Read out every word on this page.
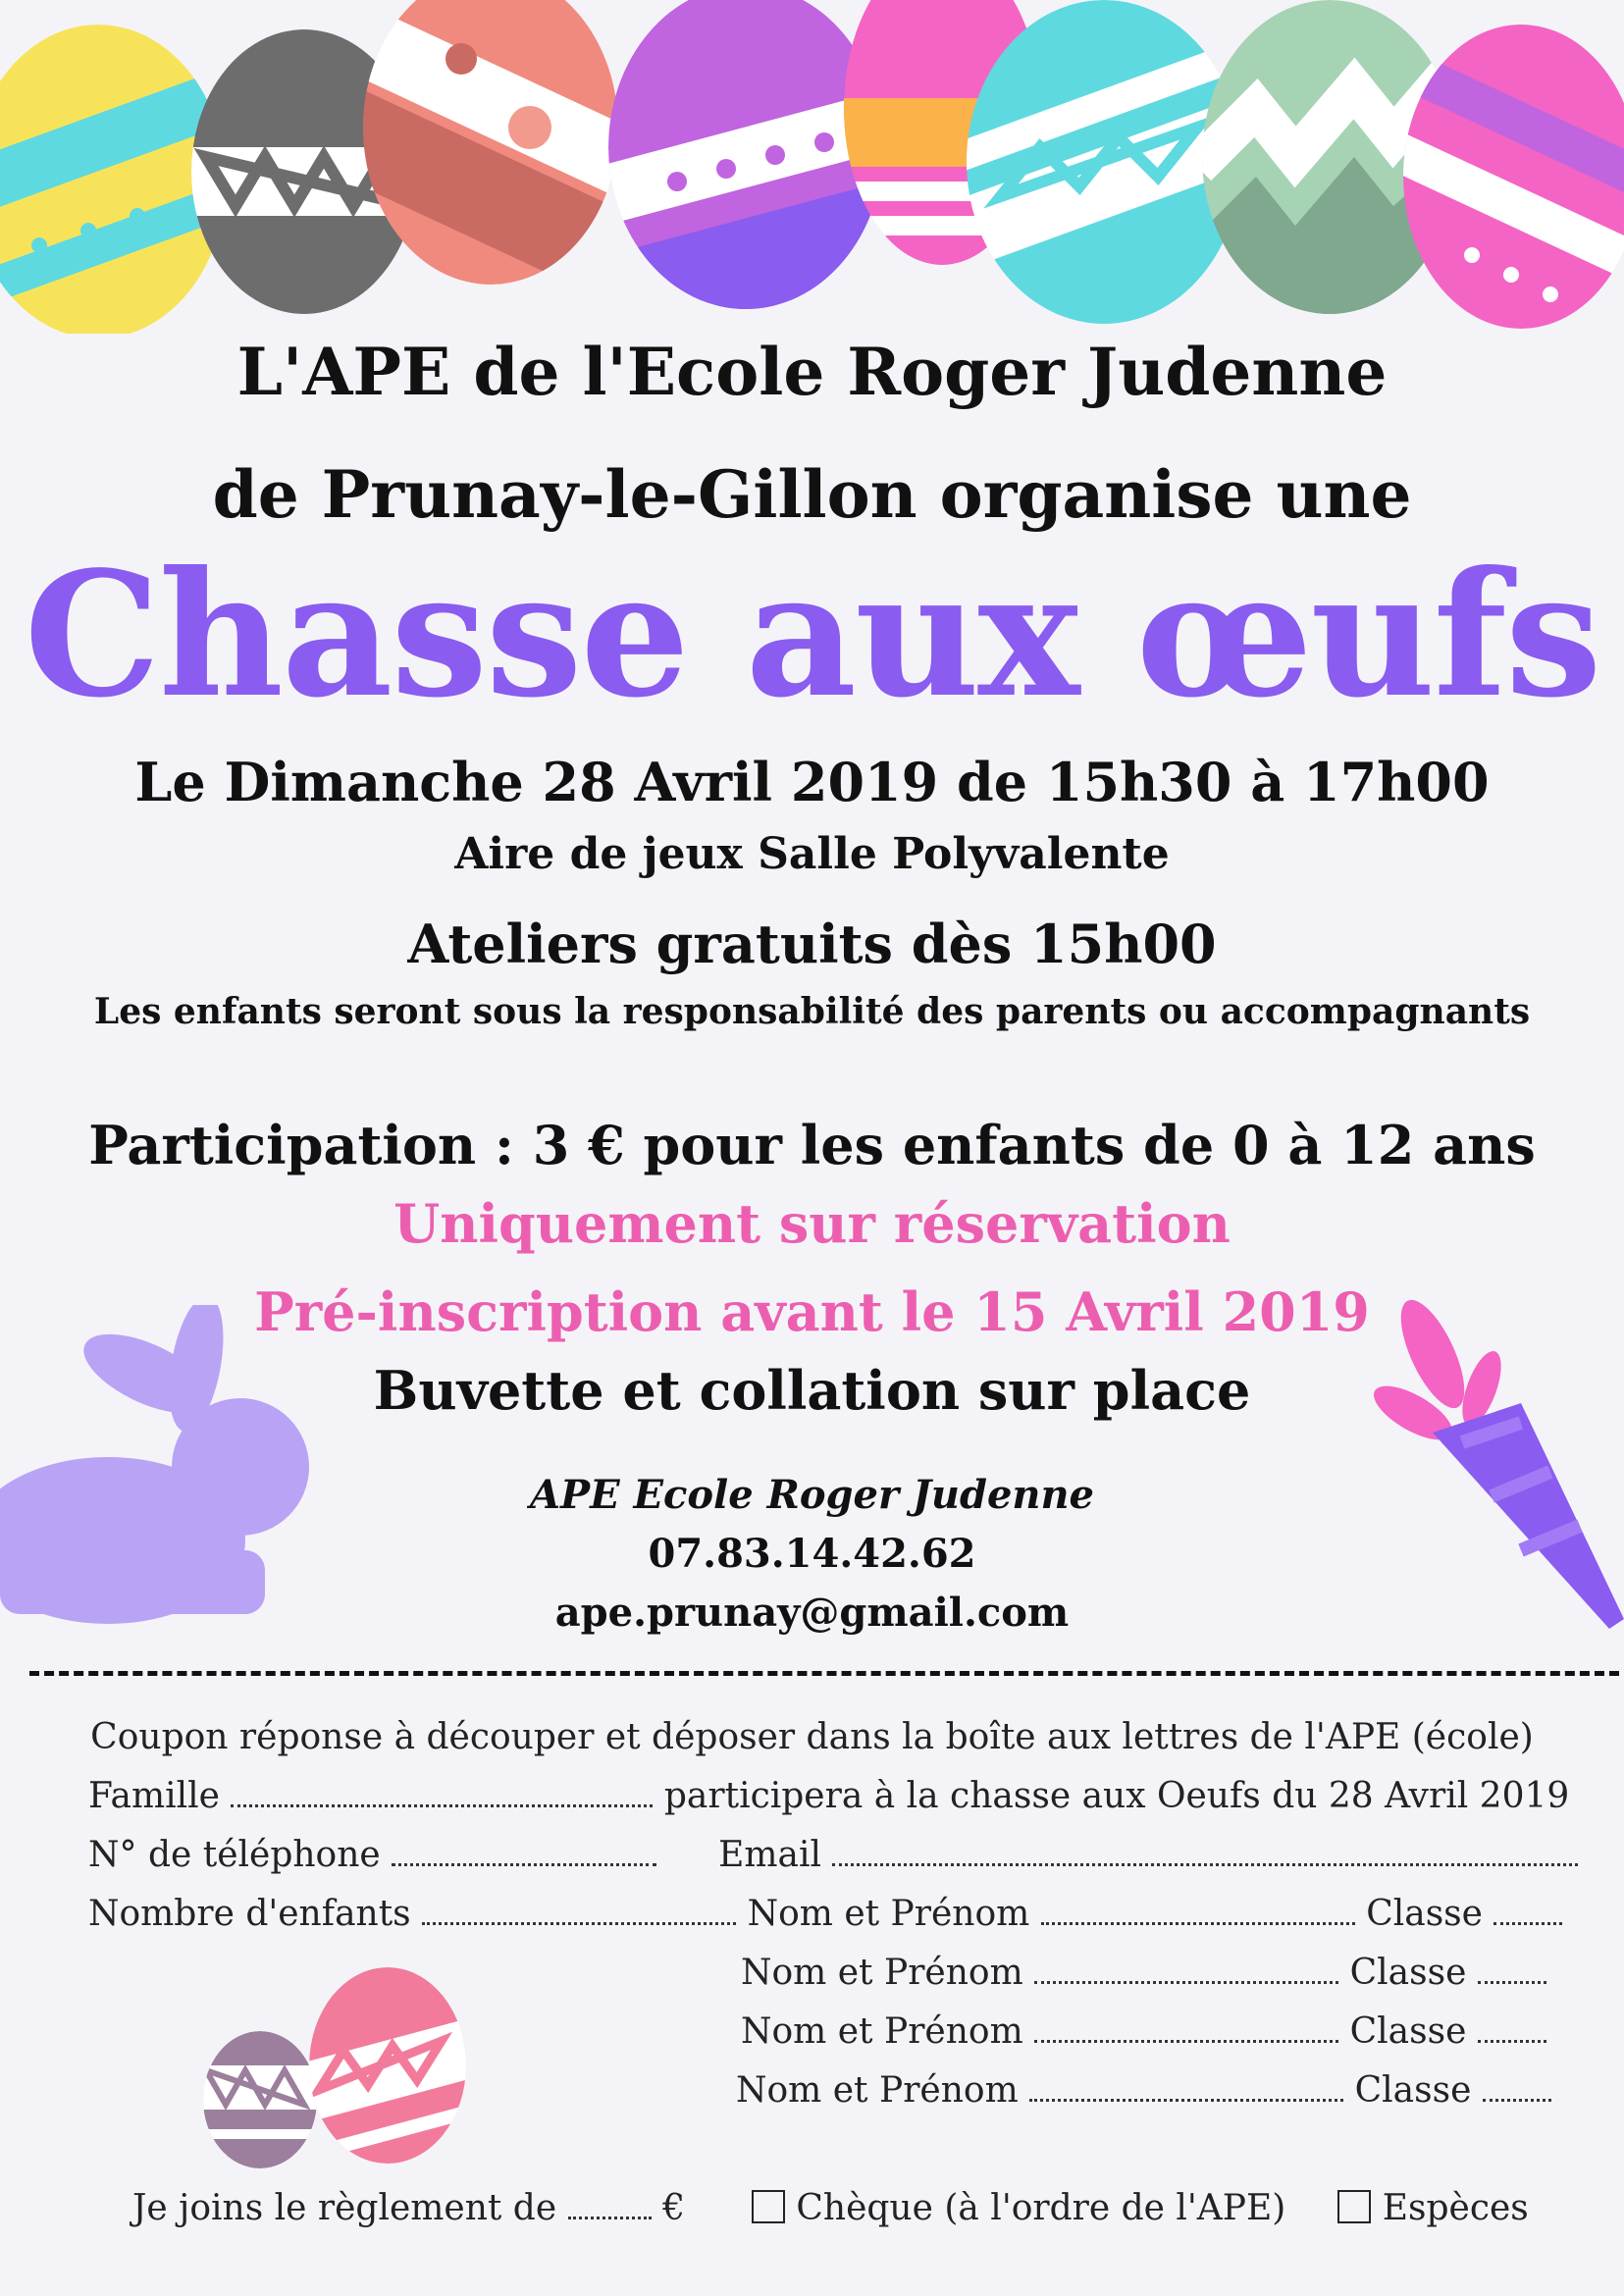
L'APE de l'Ecole Roger Judenne
de Prunay-le-Gillon organise une
Chasse aux œufs
Le Dimanche 28 Avril 2019 de 15h30 à 17h00
Aire de jeux Salle Polyvalente
Ateliers gratuits dès 15h00
Les enfants seront sous la responsabilité des parents ou accompagnants
Participation : 3 € pour les enfants de 0 à 12 ans
Uniquement sur réservation
Pré-inscription avant le 15 Avril 2019
Buvette et collation sur place
APE Ecole Roger Judenne
07.83.14.42.62
ape.prunay@gmail.com
Coupon réponse à découper et déposer dans la boîte aux lettres de l'APE (école)
Famille	participera à la chasse aux Oeufs du 28 Avril 2019
N° de téléphone	Email
Nombre d'enfants	Nom et Prénom	Classe
Nom et Prénom	Classe
Nom et Prénom	Classe
Nom et Prénom	Classe
Je joins le règlement de	€	Chèque (à l'ordre de l'APE)	Espèces
